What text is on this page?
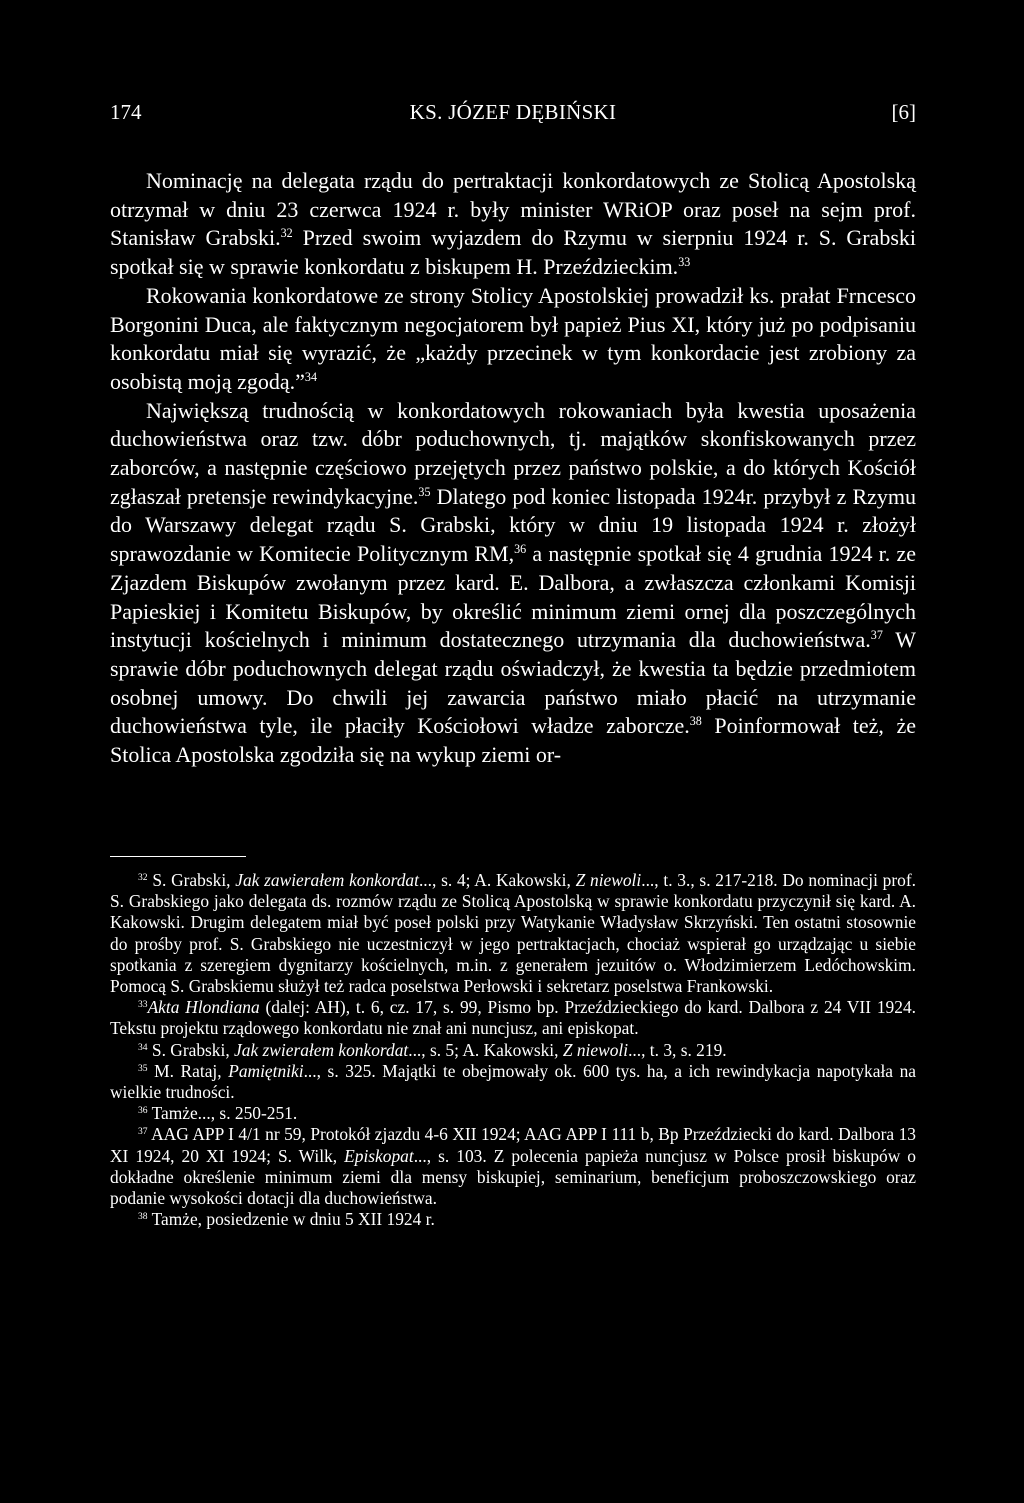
174	KS. JÓZEF DĘBIŃSKI	[6]

Nominację na delegata rządu do pertraktacji konkordatowych ze Stolicą Apostolską otrzymał w dniu 23 czerwca 1924 r. były minister WRiOP oraz poseł na sejm prof. Stanisław Grabski.$^{32}$ Przed swoim wyjazdem do Rzymu w sierpniu 1924 r. S. Grabski spotkał się w sprawie konkordatu z biskupem H. Przeździeckim.$^{33}$

Rokowania konkordatowe ze strony Stolicy Apostolskiej prowadził ks. prałat Frncesco Borgonini Duca, ale faktycznym negocjatorem był papież Pius XI, który już po podpisaniu konkordatu miał się wyrazić, że „każdy przecinek w tym konkordacie jest zrobiony za osobistą moją zgodą.”$^{34}$

Największą trudnością w konkordatowych rokowaniach była kwestia uposażenia duchowieństwa oraz tzw. dóbr poduchownych, tj. majątków skonfiskowanych przez zaborców, a następnie częściowo przejętych przez państwo polskie, a do których Kościół zgłaszał pretensje rewindykacyjne.$^{35}$ Dlatego pod koniec listopada 1924r. przybył z Rzymu do Warszawy delegat rządu S. Grabski, który w dniu 19 listopada 1924 r. złożył sprawozdanie w Komitecie Politycznym RM,$^{36}$ a następnie spotkał się 4 grudnia 1924 r. ze Zjazdem Biskupów zwołanym przez kard. E. Dalbora, a zwłaszcza członkami Komisji Papieskiej i Komitetu Biskupów, by określić minimum ziemi ornej dla poszczególnych instytucji kościelnych i minimum dostatecznego utrzymania dla duchowieństwa.$^{37}$ W sprawie dóbr poduchownych delegat rządu oświadczył, że kwestia ta będzie przedmiotem osobnej umowy. Do chwili jej zawarcia państwo miało płacić na utrzymanie duchowieństwa tyle, ile płaciły Kościołowi władze zaborcze.$^{38}$ Poinformował też, że Stolica Apostolska zgodziła się na wykup ziemi or-

$^{32}$ S. Grabski, Jak zawierałem konkordat..., s. 4; A. Kakowski, Z niewoli..., t. 3., s. 217-218. Do nominacji prof. S. Grabskiego jako delegata ds. rozmów rządu ze Stolicą Apostolską w sprawie konkordatu przyczynił się kard. A. Kakowski. Drugim delegatem miał być poseł polski przy Watykanie Władysław Skrzyński. Ten ostatni stosownie do prośby prof. S. Grabskiego nie uczestniczył w jego pertraktacjach, chociaż wspierał go urządzając u siebie spotkania z szeregiem dygnitarzy kościelnych, m.in. z generałem jezuitów o. Włodzimierzem Ledóchowskim. Pomocą S. Grabskiemu służył też radca poselstwa Perłowski i sekretarz poselstwa Frankowski.

$^{33}$Akta Hlondiana (dalej: AH), t. 6, cz. 17, s. 99, Pismo bp. Przeździeckiego do kard. Dalbora z 24 VII 1924. Tekstu projektu rządowego konkordatu nie znał ani nuncjusz, ani episkopat.

$^{34}$ S. Grabski, Jak zwierałem konkordat..., s. 5; A. Kakowski, Z niewoli..., t. 3, s. 219.

$^{35}$ M. Rataj, Pamiętniki..., s. 325. Majątki te obejmowały ok. 600 tys. ha, a ich rewindykacja napotykała na wielkie trudności.

$^{36}$ Tamże..., s. 250-251.

$^{37}$ AAG APP I 4/1 nr 59, Protokół zjazdu 4-6 XII 1924; AAG APP I 111 b, Bp Przeździecki do kard. Dalbora 13 XI 1924, 20 XI 1924; S. Wilk, Episkopat..., s. 103. Z polecenia papieża nuncjusz w Polsce prosił biskupów o dokładne określenie minimum ziemi dla mensy biskupiej, seminarium, beneficjum proboszczowskiego oraz podanie wysokości dotacji dla duchowieństwa.

$^{38}$ Tamże, posiedzenie w dniu 5 XII 1924 r.
